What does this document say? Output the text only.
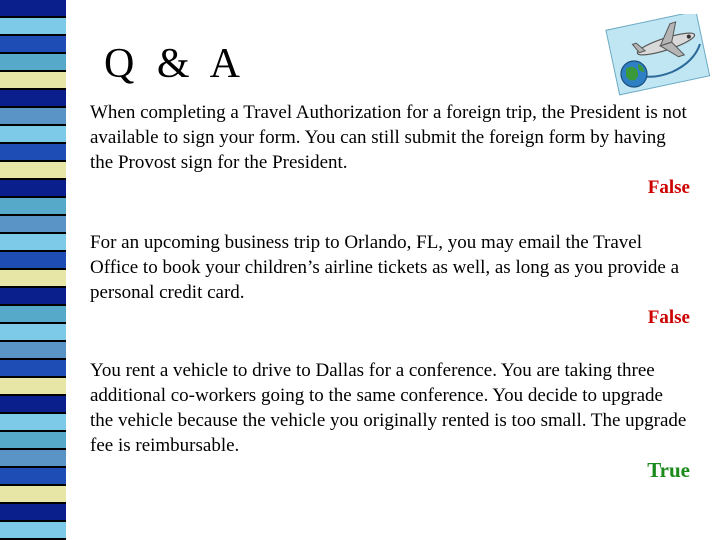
Q & A

When completing a Travel Authorization for a foreign trip, the President is not available to sign your form. You can still submit the foreign form by having the Provost sign for the President.

False

For an upcoming business trip to Orlando, FL, you may email the Travel Office to book your children’s airline tickets as well, as long as you provide a personal credit card.

False

You rent a vehicle to drive to Dallas for a conference. You are taking three additional co-workers going to the same conference. You decide to upgrade the vehicle because the vehicle you originally rented is too small. The upgrade fee is reimbursable.

True
